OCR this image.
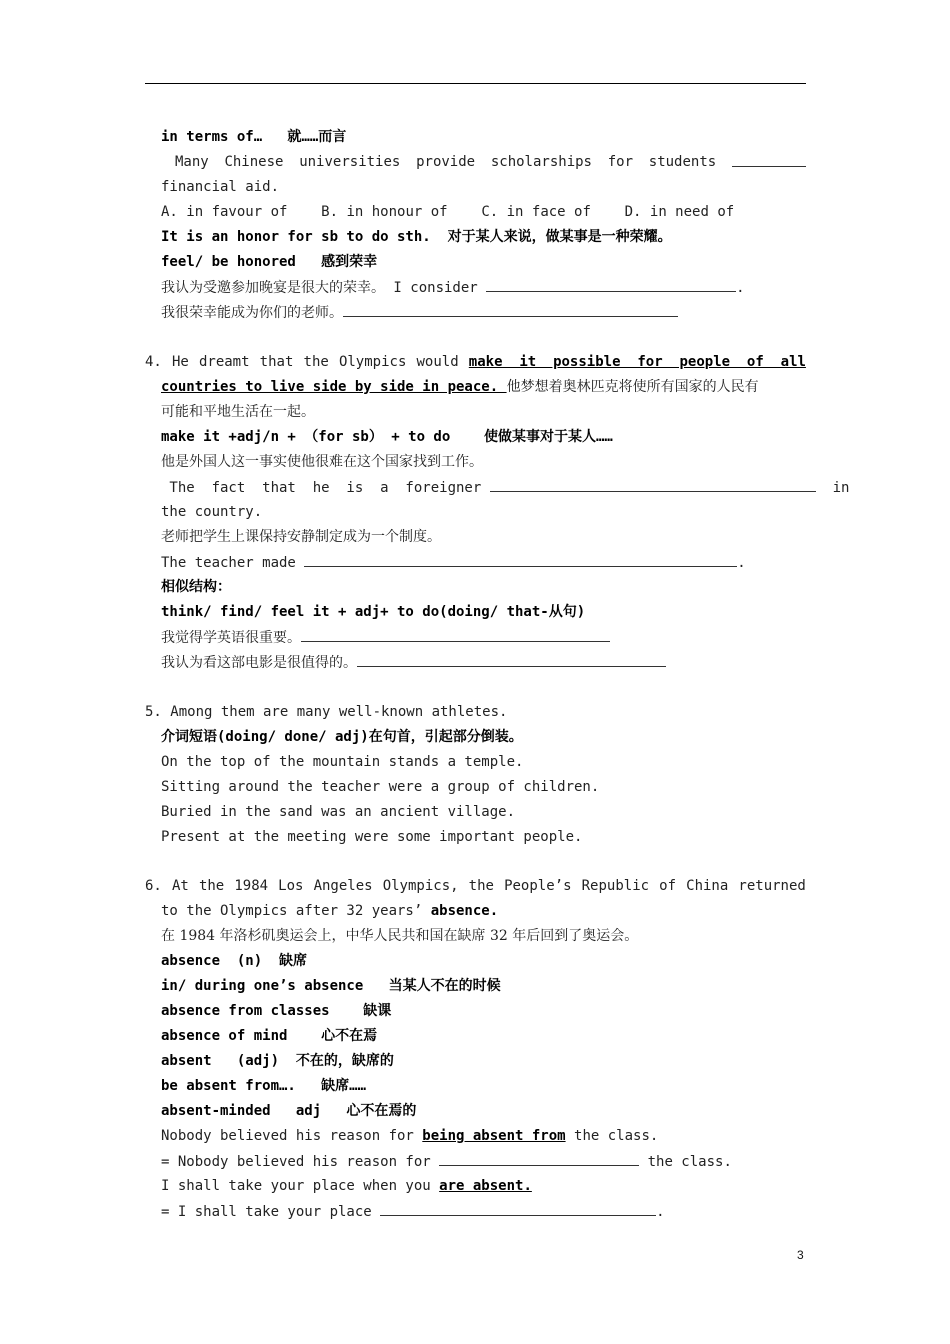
in terms of…   就……而言
Many Chinese universities provide scholarships for students
financial aid.
A. in favour of B. in honour of C. in face of D. in need of
It is an honor for sb to do sth.  对于某人来说，做某事是一种荣耀。
feel/ be honored   感到荣幸
我认为受邀参加晚宴是很大的荣幸。 I consider	.
我很荣幸能成为你们的老师。
4. He dreamt that the Olympics would make  it  possible  for  people  of  all
countries to live side by side in peace. 他梦想着奥林匹克将使所有国家的人民有
可能和平地生活在一起。
make it +adj/n + （for sb） + to do    使做某事对于某人……
他是外国人这一事实使他很难在这个国家找到工作。
The  fact  that  he  is  a  foreigner	in
the country.
老师把学生上课保持安静制定成为一个制度。
The teacher made	.
相似结构：
think/ find/ feel it + adj+ to do(doing/ that-从句)
我觉得学英语很重要。
我认为看这部电影是很值得的。
5. Among them are many well-known athletes.
介词短语(doing/ done/ adj)在句首，引起部分倒装。
On the top of the mountain stands a temple.
Sitting around the teacher were a group of children.
Buried in the sand was an ancient village.
Present at the meeting were some important people.
6. At the 1984 Los Angeles Olympics, the People’s Republic of China returned
to the Olympics after 32 years’ absence.
在 1984 年洛杉矶奥运会上，中华人民共和国在缺席 32 年后回到了奥运会。
absence  (n)  缺席
in/ during one’s absence   当某人不在的时候
absence from classes    缺课
absence of mind    心不在焉
absent   (adj)  不在的，缺席的
be absent from….   缺席……
absent-minded   adj   心不在焉的
Nobody believed his reason for being absent from the class.
= Nobody believed his reason for	the class.
I shall take your place when you are absent.
= I shall take your place	.
3
